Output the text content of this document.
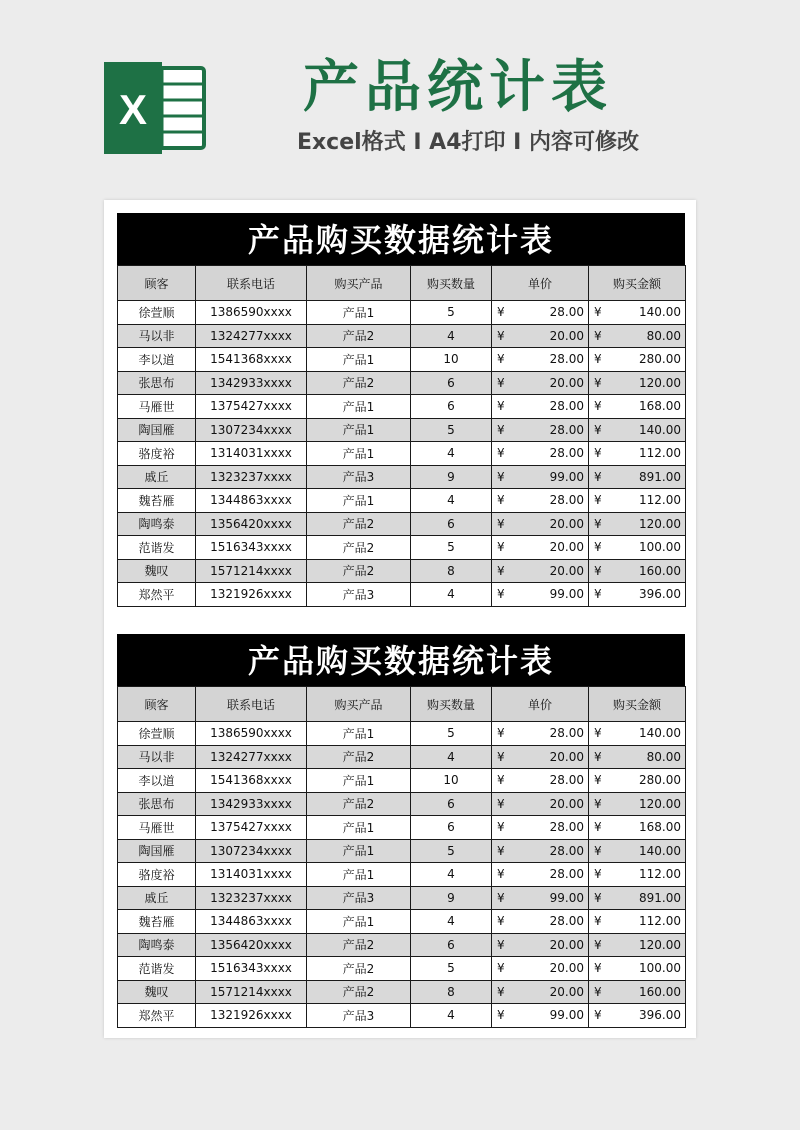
X	产品统计表
Excel格式 I A4打印 I 内容可修改
产品购买数据统计表
顾客	联系电话	购买产品	购买数量	单价	购买金额
徐萱顺	1386590xxxx	产品1	5	¥ 28.00	¥ 140.00
马以非	1324277xxxx	产品2	4	¥ 20.00	¥ 80.00
李以道	1541368xxxx	产品1	10	¥ 28.00	¥ 280.00
张思布	1342933xxxx	产品2	6	¥ 20.00	¥ 120.00
马雁世	1375427xxxx	产品1	6	¥ 28.00	¥ 168.00
陶国雁	1307234xxxx	产品1	5	¥ 28.00	¥ 140.00
骆度裕	1314031xxxx	产品1	4	¥ 28.00	¥ 112.00
戚丘	1323237xxxx	产品3	9	¥ 99.00	¥ 891.00
魏苔雁	1344863xxxx	产品1	4	¥ 28.00	¥ 112.00
陶鸣泰	1356420xxxx	产品2	6	¥ 20.00	¥ 120.00
范谐发	1516343xxxx	产品2	5	¥ 20.00	¥ 100.00
魏叹	1571214xxxx	产品2	8	¥ 20.00	¥ 160.00
郑然平	1321926xxxx	产品3	4	¥ 99.00	¥ 396.00
产品购买数据统计表
顾客	联系电话	购买产品	购买数量	单价	购买金额
徐萱顺	1386590xxxx	产品1	5	¥ 28.00	¥ 140.00
马以非	1324277xxxx	产品2	4	¥ 20.00	¥ 80.00
李以道	1541368xxxx	产品1	10	¥ 28.00	¥ 280.00
张思布	1342933xxxx	产品2	6	¥ 20.00	¥ 120.00
马雁世	1375427xxxx	产品1	6	¥ 28.00	¥ 168.00
陶国雁	1307234xxxx	产品1	5	¥ 28.00	¥ 140.00
骆度裕	1314031xxxx	产品1	4	¥ 28.00	¥ 112.00
戚丘	1323237xxxx	产品3	9	¥ 99.00	¥ 891.00
魏苔雁	1344863xxxx	产品1	4	¥ 28.00	¥ 112.00
陶鸣泰	1356420xxxx	产品2	6	¥ 20.00	¥ 120.00
范谐发	1516343xxxx	产品2	5	¥ 20.00	¥ 100.00
魏叹	1571214xxxx	产品2	8	¥ 20.00	¥ 160.00
郑然平	1321926xxxx	产品3	4	¥ 99.00	¥ 396.00
